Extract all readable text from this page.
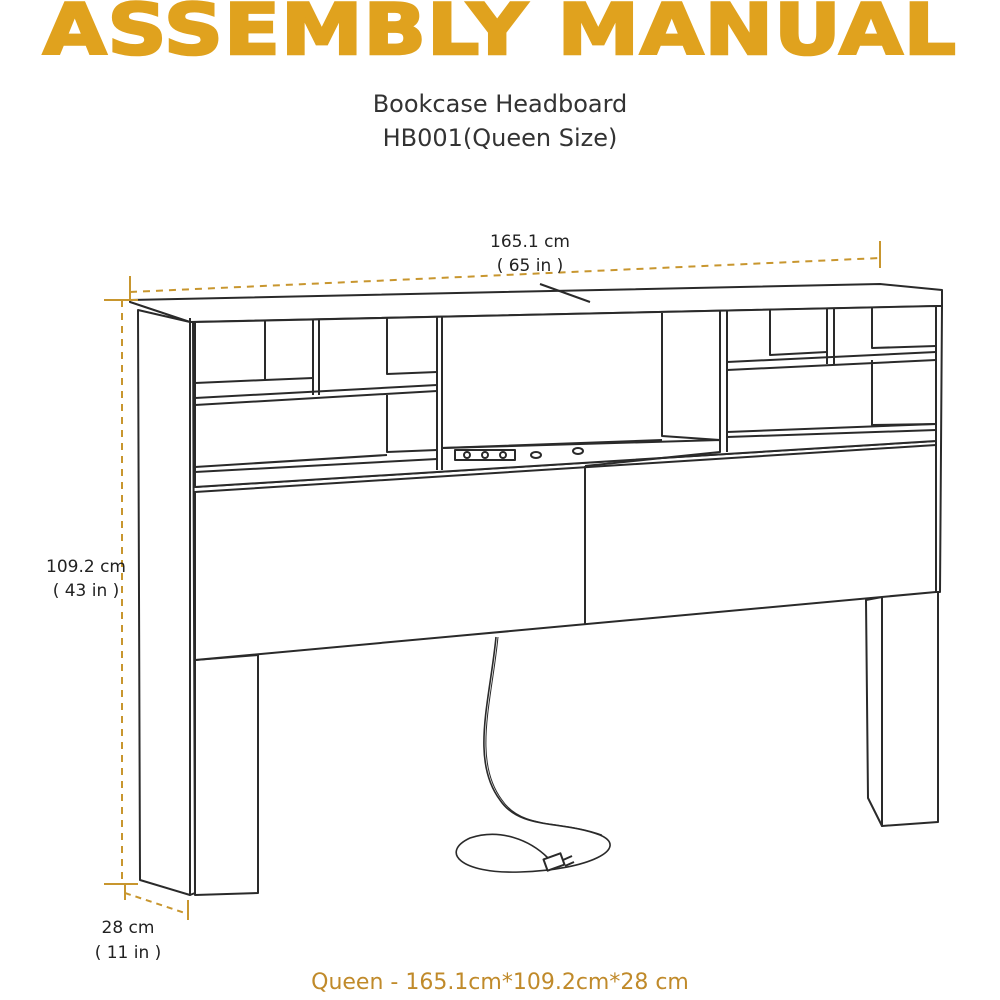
ASSEMBLY MANUAL
Bookcase Headboard
HB001(Queen Size)
165.1 cm
( 65 in )
109.2 cm
( 43 in )
28 cm
( 11 in )
Queen - 165.1cm*109.2cm*28 cm
